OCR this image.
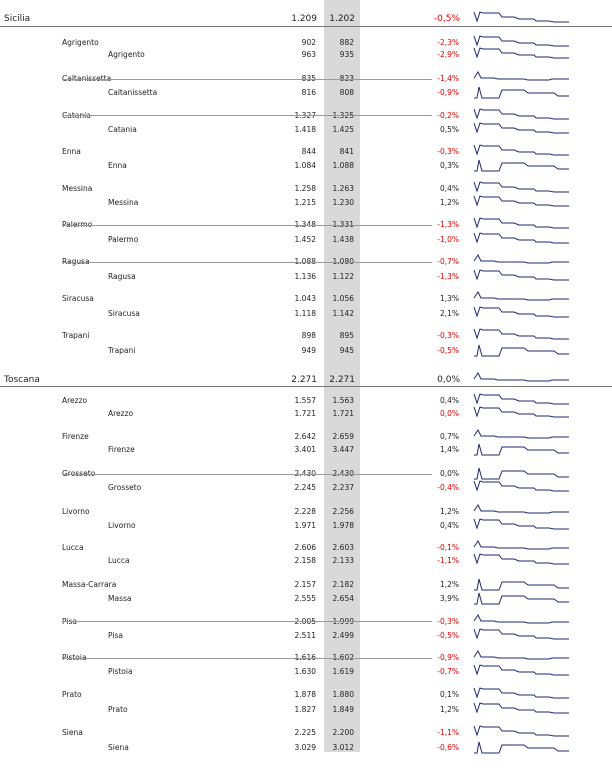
Sicilia	1.209 1.202	-0,5%
Agrigento	902	882	-2,3%
Agrigento	963	935	-2,9%
Caltanissetta	835	823	-1,4%
Caltanissetta	816	808	-0,9%
Catania	1.327 1.325	-0,2%
Catania	1.418 1.425	0,5%
Enna	844	841	-0,3%
Enna	1.084 1.088	0,3%
Messina	1.258 1.263	0,4%
Messina	1.215 1.230	1,2%
Palermo	1.348 1.331	-1,3%
Palermo	1.452 1.438	-1,0%
Ragusa	1.088 1.080	-0,7%
Ragusa	1.136 1.122	-1,3%
Siracusa	1.043 1.056	1,3%
Siracusa	1.118 1.142	2,1%
Trapani	898	895	-0,3%
Trapani	949	945	-0,5%
Toscana	2.271 2.271	0,0%
Arezzo	1.557 1.563	0,4%
Arezzo	1.721 1.721	0,0%
Firenze	2.642 2.659	0,7%
Firenze	3.401 3.447	1,4%
Grosseto	2.430 2.430	0,0%
Grosseto	2.245 2.237	-0,4%
Livorno	2.228 2.256	1,2%
Livorno	1.971 1.978	0,4%
Lucca	2.606 2.603	-0,1%
Lucca	2.158 2.133	-1,1%
Massa-Carrara	2.157 2.182	1,2%
Massa	2.555 2.654	3,9%
Pisa	2.005 1.999	-0,3%
Pisa	2.511 2.499	-0,5%
Pistoia	1.616 1.602	-0,9%
Pistoia	1.630 1.619	-0,7%
Prato	1.878 1.880	0,1%
Prato	1.827 1.849	1,2%
Siena	2.225 2.200	-1,1%
Siena	3.029 3.012	-0,6%
